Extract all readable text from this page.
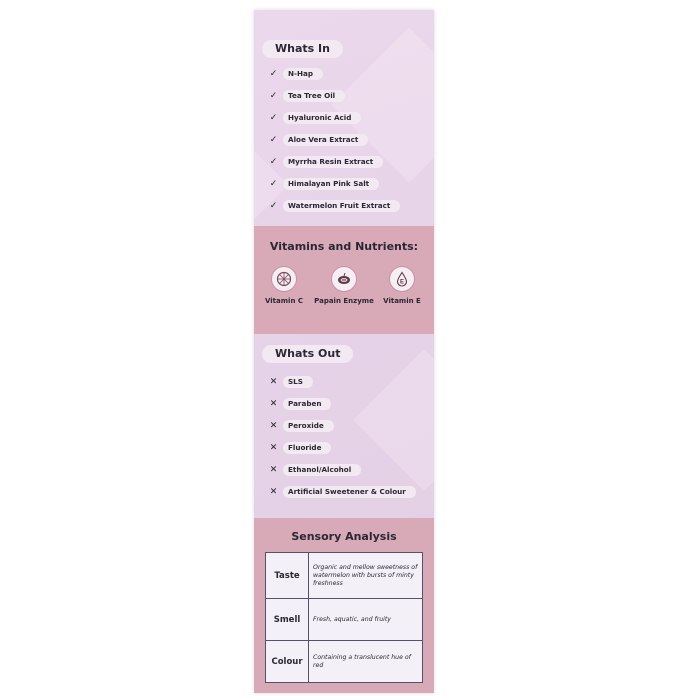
Whats In
✓	N-Hap
✓	Tea Tree Oil
✓	Hyaluronic Acid
✓	Aloe Vera Extract
✓	Myrrha Resin Extract
✓	Himalayan Pink Salt
✓	Watermelon Fruit Extract
Vitamins and Nutrients:
Vitamin C	Papain Enzyme
E
Vitamin E
Whats Out
✕	SLS
✕	Paraben
✕	Peroxide
✕	Fluoride
✕	Ethanol/Alcohol
✕	Artificial Sweetener & Colour
Sensory Analysis
Taste	Organic and mellow sweetness of watermelon with bursts of minty freshness
Smell	Fresh, aquatic, and fruity
Colour	Containing a translucent hue of red
